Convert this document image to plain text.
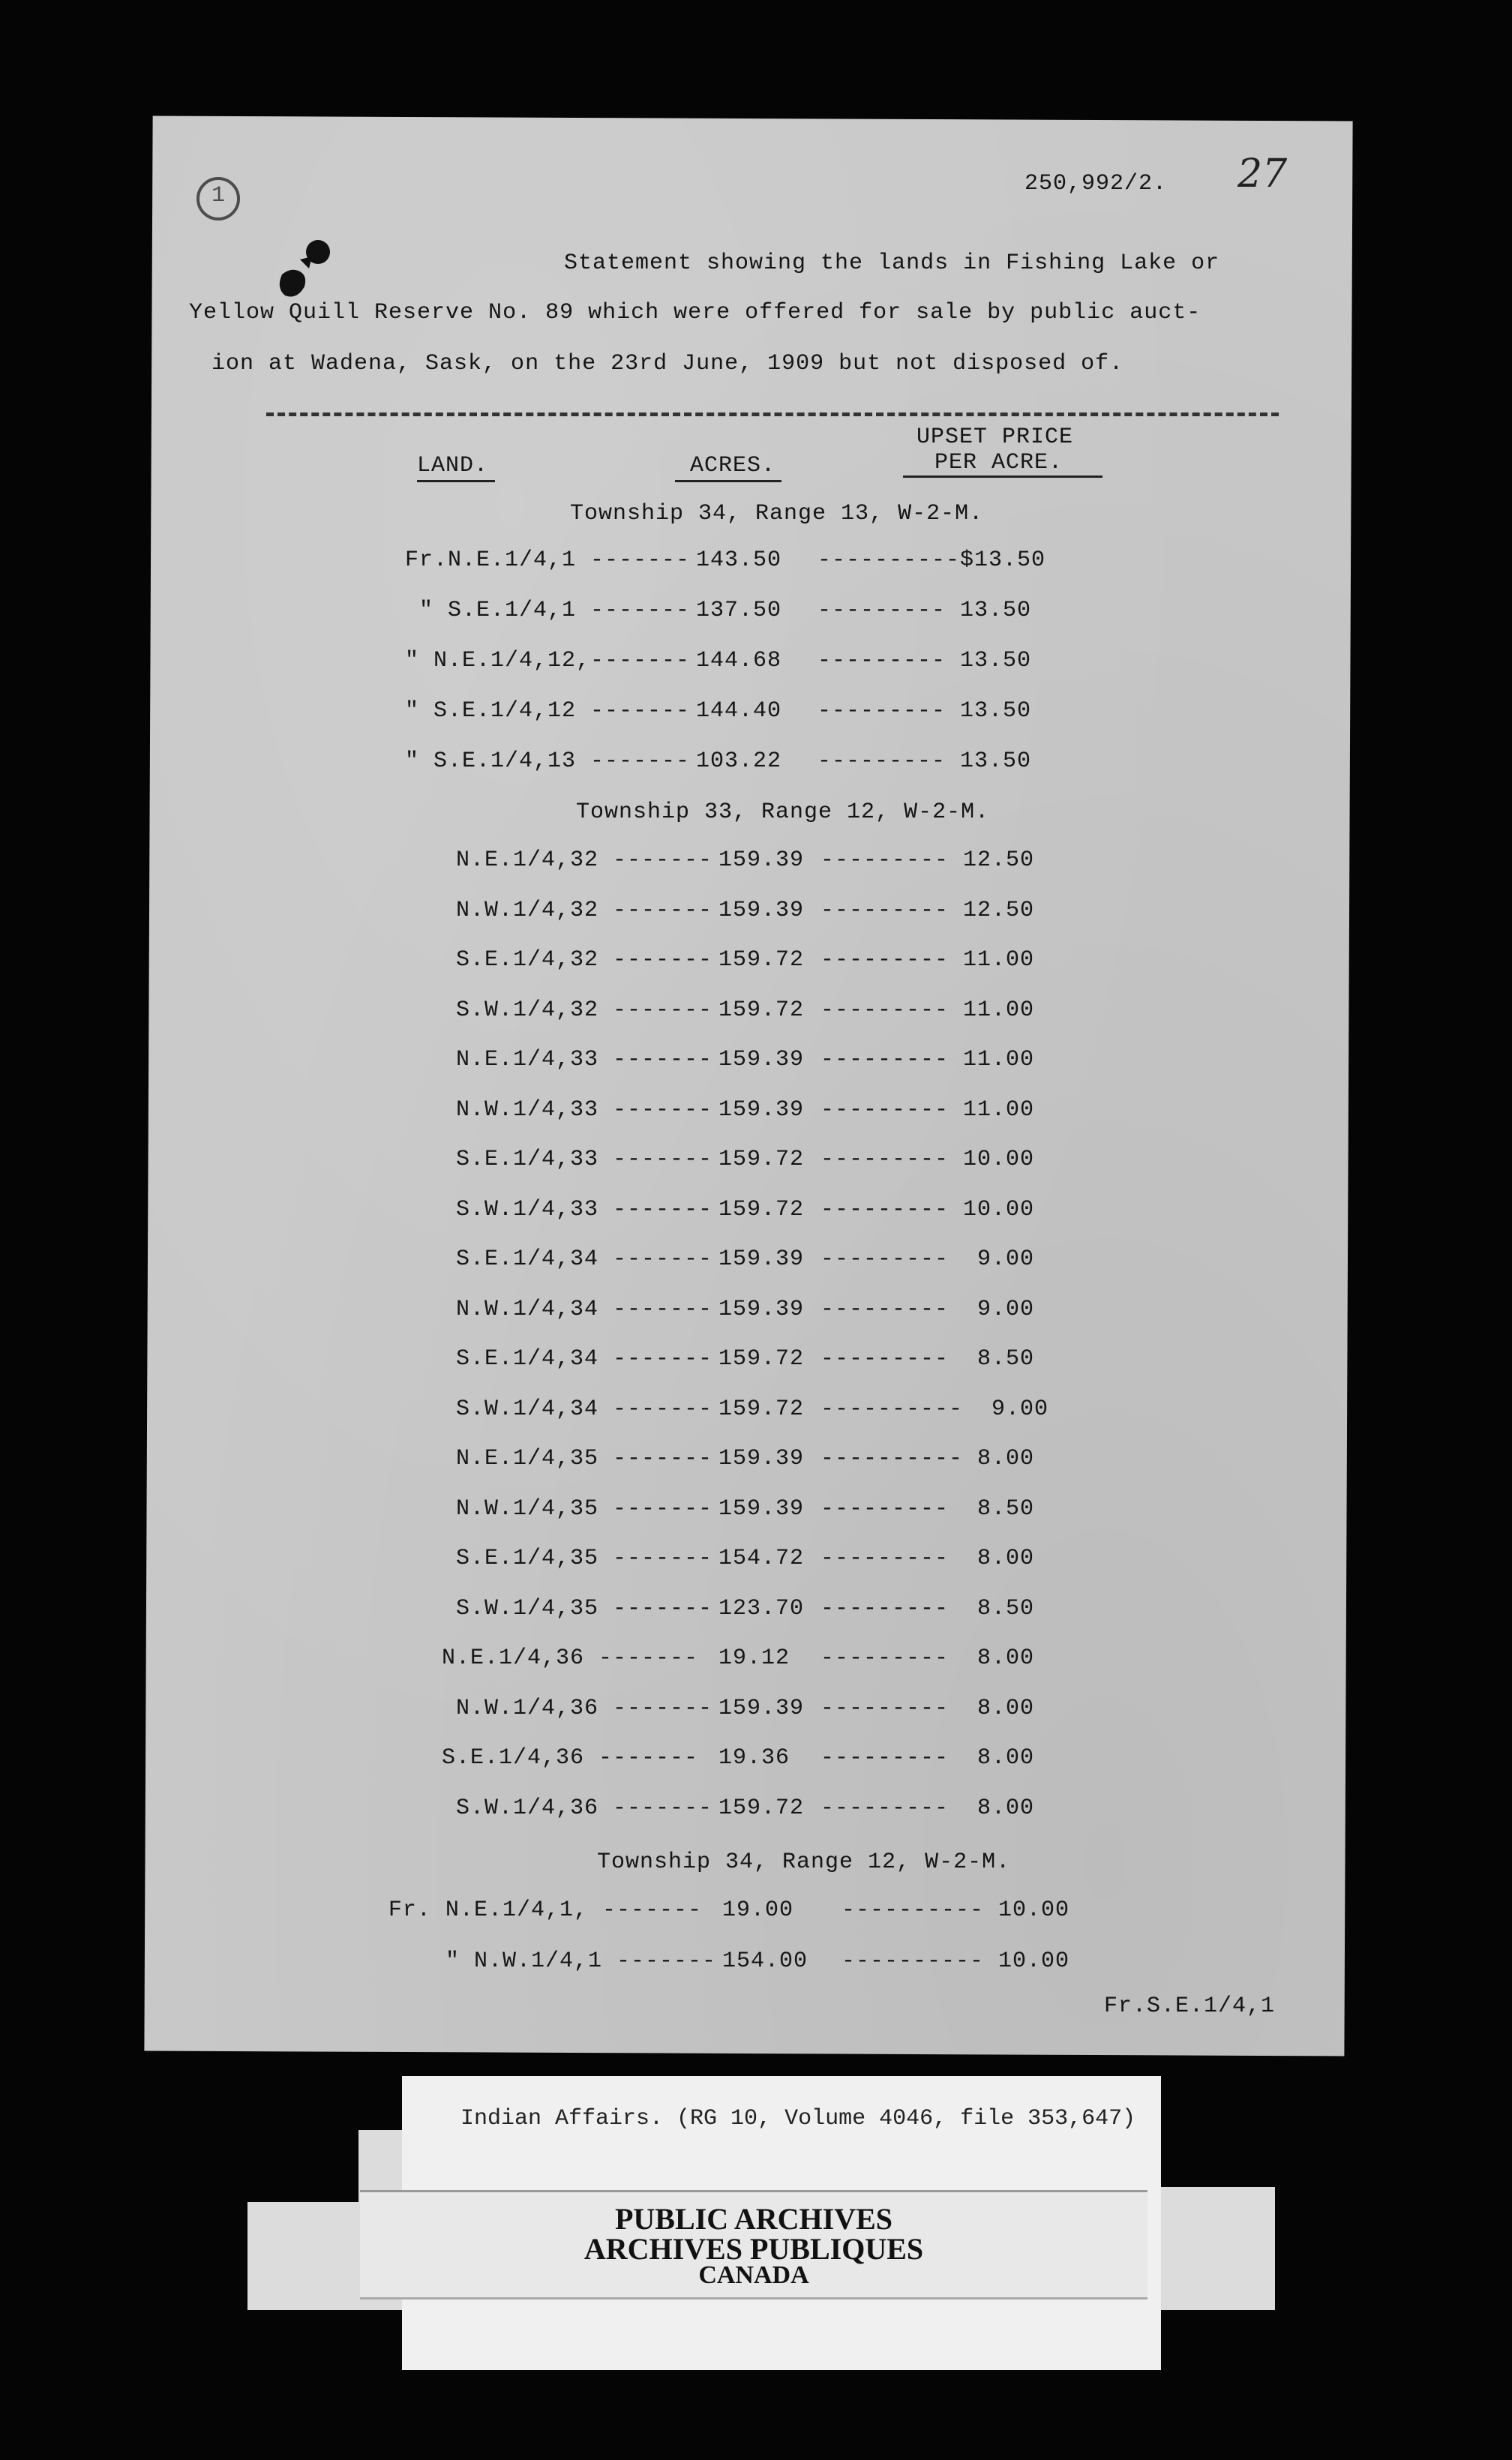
1	250,992/2. 27
Statement showing the lands in Fishing Lake or
Yellow Quill Reserve No. 89 which were offered for sale by public auct-
ion at Wadena, Sask, on the 23rd June, 1909 but not disposed of.
LAND.	ACRES.
UPSET PRICE
PER ACRE.
Township 34, Range 13, W-2-M.
Fr.N.E.1/4,1 ------- 143.50 ----------$13.50
" S.E.1/4,1 ------- 137.50 --------- 13.50
" N.E.1/4,12,------- 144.68 --------- 13.50
" S.E.1/4,12 ------- 144.40 --------- 13.50
" S.E.1/4,13 ------- 103.22 --------- 13.50
Township 33, Range 12, W-2-M.
N.E.1/4,32 ------- 159.39 --------- 12.50
N.W.1/4,32 ------- 159.39 --------- 12.50
S.E.1/4,32 ------- 159.72 --------- 11.00
S.W.1/4,32 ------- 159.72 --------- 11.00
N.E.1/4,33 ------- 159.39 --------- 11.00
N.W.1/4,33 ------- 159.39 --------- 11.00
S.E.1/4,33 ------- 159.72 --------- 10.00
S.W.1/4,33 ------- 159.72 --------- 10.00
S.E.1/4,34 ------- 159.39 ---------  9.00
N.W.1/4,34 ------- 159.39 ---------  9.00
S.E.1/4,34 ------- 159.72 ---------  8.50
S.W.1/4,34 ------- 159.72 ----------  9.00
N.E.1/4,35 ------- 159.39 ---------- 8.00
N.W.1/4,35 ------- 159.39 ---------  8.50
S.E.1/4,35 ------- 154.72 ---------  8.00
S.W.1/4,35 ------- 123.70 ---------  8.50
N.E.1/4,36 ------- 19.12 ---------  8.00
N.W.1/4,36 ------- 159.39 ---------  8.00
S.E.1/4,36 ------- 19.36 ---------  8.00
S.W.1/4,36 ------- 159.72 ---------  8.00
Township 34, Range 12, W-2-M.
Fr. N.E.1/4,1, ------- 19.00 ---------- 10.00
" N.W.1/4,1 ------- 154.00 ---------- 10.00
Fr.S.E.1/4,1
Indian Affairs. (RG 10, Volume 4046, file 353,647)
PUBLIC ARCHIVES
ARCHIVES PUBLIQUES
CANADA
